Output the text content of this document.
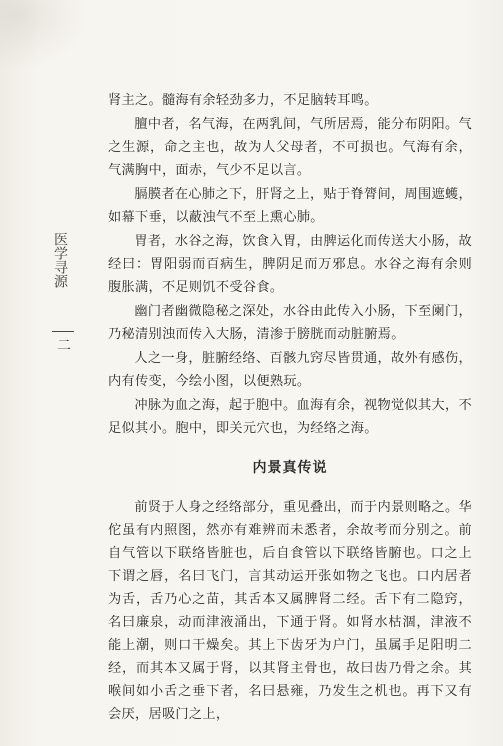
医学寻源
二

肾主之。髓海有余轻劲多力，不足脑转耳鸣。

膻中者，名气海，在两乳间，气所居焉，能分布阴阳。气之生源，命之主也，故为人父母者，不可损也。气海有余，气满胸中，面赤，气少不足以言。

膈膜者在心肺之下，肝肾之上，贴于脊膂间，周围遮蠖，如幕下垂，以蔽浊气不至上熏心肺。

胃者，水谷之海，饮食入胃，由脾运化而传送大小肠，故经曰：胃阳弱而百病生，脾阴足而万邪息。水谷之海有余则腹胀满，不足则饥不受谷食。

幽门者幽微隐秘之深处，水谷由此传入小肠，下至阑门，乃秘清别浊而传入大肠，清渗于膀胱而动脏腑焉。

人之一身，脏腑经络、百骸九窍尽皆贯通，故外有感伤，内有传变，今绘小图，以便熟玩。

冲脉为血之海，起于胞中。血海有余，视物觉似其大，不足似其小。胞中，即关元穴也，为经络之海。

内景真传说

前贤于人身之经络部分，重见叠出，而于内景则略之。华佗虽有内照图，然亦有难辨而未悉者，余故考而分别之。前自气管以下联络皆脏也，后自食管以下联络皆腑也。口之上下谓之唇，名曰飞门，言其动运开张如物之飞也。口内居者为舌，舌乃心之苗，其舌本又属脾肾二经。舌下有二隐窍，名曰廉泉，动而津液涌出，下通于肾。如肾水枯涸，津液不能上潮，则口干燥矣。其上下齿牙为户门，虽属手足阳明二经，而其本又属于肾，以其肾主骨也，故曰齿乃骨之余。其喉间如小舌之垂下者，名曰悬雍，乃发生之机也。再下又有会厌，居吸门之上，
